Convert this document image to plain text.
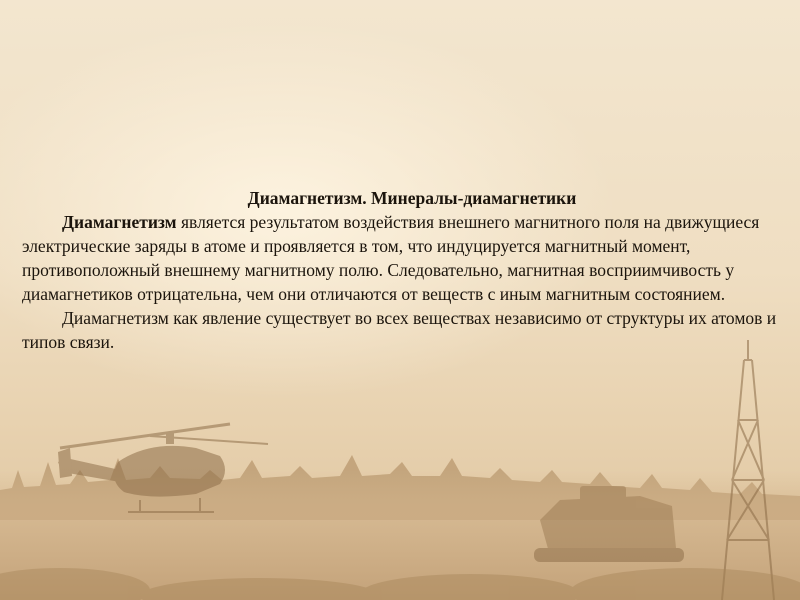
Диамагнетизм. Минералы-диамагнетики

Диамагнетизм является результатом воздействия внешнего магнитного поля на движущиеся электрические заряды в атоме и проявляется в том, что индуцируется магнитный момент, противоположный внешнему магнитному полю. Следовательно, магнитная восприимчивость у диамагнетиков отрицательна, чем они отличаются от веществ с иным магнитным состоянием.

Диамагнетизм как явление существует во всех веществах независимо от структуры их атомов и типов связи.
